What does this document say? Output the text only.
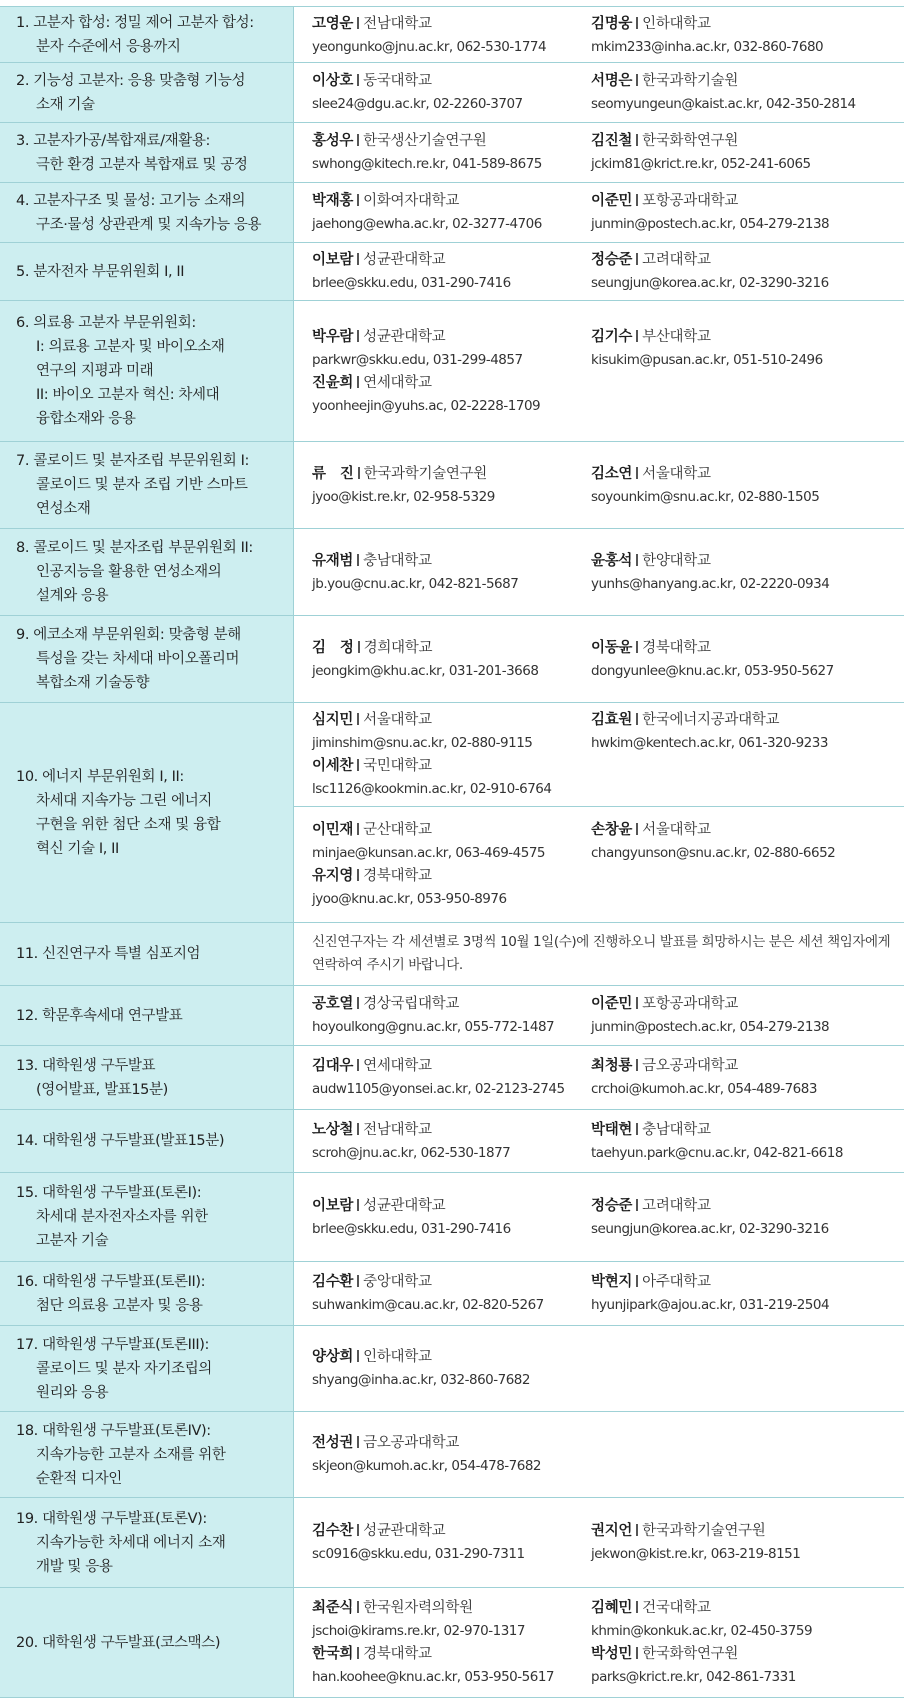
1. 고분자 합성: 정밀 제어 고분자 합성:
분자 수준에서 응용까지
고영운 전남대학교
yeongunko@jnu.ac.kr, 062-530-1774
김명웅 인하대학교
mkim233@inha.ac.kr, 032-860-7680
2. 기능성 고분자: 응용 맞춤형 기능성
소재 기술
이상호 동국대학교
slee24@dgu.ac.kr, 02-2260-3707
서명은 한국과학기술원
seomyungeun@kaist.ac.kr, 042-350-2814
3. 고분자가공/복합재료/재활용:
극한 환경 고분자 복합재료 및 공정
홍성우 한국생산기술연구원
swhong@kitech.re.kr, 041-589-8675
김진철 한국화학연구원
jckim81@krict.re.kr, 052-241-6065
4. 고분자구조 및 물성: 고기능 소재의
구조·물성 상관관계 및 지속가능 응용
박재홍 이화여자대학교
jaehong@ewha.ac.kr, 02-3277-4706
이준민 포항공과대학교
junmin@postech.ac.kr, 054-279-2138
5. 분자전자 부문위원회 I, II
이보람 성균관대학교
brlee@skku.edu, 031-290-7416
정승준 고려대학교
seungjun@korea.ac.kr, 02-3290-3216
6. 의료용 고분자 부문위원회:
I: 의료용 고분자 및 바이오소재
연구의 지평과 미래
II: 바이오 고분자 혁신: 차세대
융합소재와 응용
박우람 성균관대학교
parkwr@skku.edu, 031-299-4857
김기수 부산대학교
kisukim@pusan.ac.kr, 051-510-2496
진윤희 연세대학교
yoonheejin@yuhs.ac, 02-2228-1709
7. 콜로이드 및 분자조립 부문위원회 I:
콜로이드 및 분자 조립 기반 스마트
연성소재
류　진 한국과학기술연구원
jyoo@kist.re.kr, 02-958-5329
김소연 서울대학교
soyounkim@snu.ac.kr, 02-880-1505
8. 콜로이드 및 분자조립 부문위원회 II:
인공지능을 활용한 연성소재의
설계와 응용
유재범 충남대학교
jb.you@cnu.ac.kr, 042-821-5687
윤홍석 한양대학교
yunhs@hanyang.ac.kr, 02-2220-0934
9. 에코소재 부문위원회: 맞춤형 분해
특성을 갖는 차세대 바이오폴리머
복합소재 기술동향
김　정 경희대학교
jeongkim@khu.ac.kr, 031-201-3668
이동윤 경북대학교
dongyunlee@knu.ac.kr, 053-950-5627
10. 에너지 부문위원회 I, II:
차세대 지속가능 그린 에너지
구현을 위한 첨단 소재 및 융합
혁신 기술 I, II
심지민 서울대학교
jiminshim@snu.ac.kr, 02-880-9115
김효원 한국에너지공과대학교
hwkim@kentech.ac.kr, 061-320-9233
이세찬 국민대학교
lsc1126@kookmin.ac.kr, 02-910-6764
이민재 군산대학교
minjae@kunsan.ac.kr, 063-469-4575
손창윤 서울대학교
changyunson@snu.ac.kr, 02-880-6652
유지영 경북대학교
jyoo@knu.ac.kr, 053-950-8976
11. 신진연구자 특별 심포지엄
신진연구자는 각 세션별로 3명씩 10월 1일(수)에 진행하오니 발표를 희망하시는 분은 세션 책임자에게 연락하여 주시기 바랍니다.
12. 학문후속세대 연구발표
공호열 경상국립대학교
hoyoulkong@gnu.ac.kr, 055-772-1487
이준민 포항공과대학교
junmin@postech.ac.kr, 054-279-2138
13. 대학원생 구두발표
(영어발표, 발표15분)
김대우 연세대학교
audw1105@yonsei.ac.kr, 02-2123-2745
최청룡 금오공과대학교
crchoi@kumoh.ac.kr, 054-489-7683
14. 대학원생 구두발표(발표15분)
노상철 전남대학교
scroh@jnu.ac.kr, 062-530-1877
박태현 충남대학교
taehyun.park@cnu.ac.kr, 042-821-6618
15. 대학원생 구두발표(토론I):
차세대 분자전자소자를 위한
고분자 기술
이보람 성균관대학교
brlee@skku.edu, 031-290-7416
정승준 고려대학교
seungjun@korea.ac.kr, 02-3290-3216
16. 대학원생 구두발표(토론II):
첨단 의료용 고분자 및 응용
김수환 중앙대학교
suhwankim@cau.ac.kr, 02-820-5267
박현지 아주대학교
hyunjipark@ajou.ac.kr, 031-219-2504
17. 대학원생 구두발표(토론III):
콜로이드 및 분자 자기조립의
원리와 응용
양상희 인하대학교
shyang@inha.ac.kr, 032-860-7682
18. 대학원생 구두발표(토론IV):
지속가능한 고분자 소재를 위한
순환적 디자인
전성권 금오공과대학교
skjeon@kumoh.ac.kr, 054-478-7682
19. 대학원생 구두발표(토론V):
지속가능한 차세대 에너지 소재
개발 및 응용
김수찬 성균관대학교
sc0916@skku.edu, 031-290-7311
권지언 한국과학기술연구원
jekwon@kist.re.kr, 063-219-8151
20. 대학원생 구두발표(코스맥스)
최준식 한국원자력의학원
jschoi@kirams.re.kr, 02-970-1317
김혜민 건국대학교
khmin@konkuk.ac.kr, 02-450-3759
한국희 경북대학교
han.koohee@knu.ac.kr, 053-950-5617
박성민 한국화학연구원
parks@krict.re.kr, 042-861-7331
